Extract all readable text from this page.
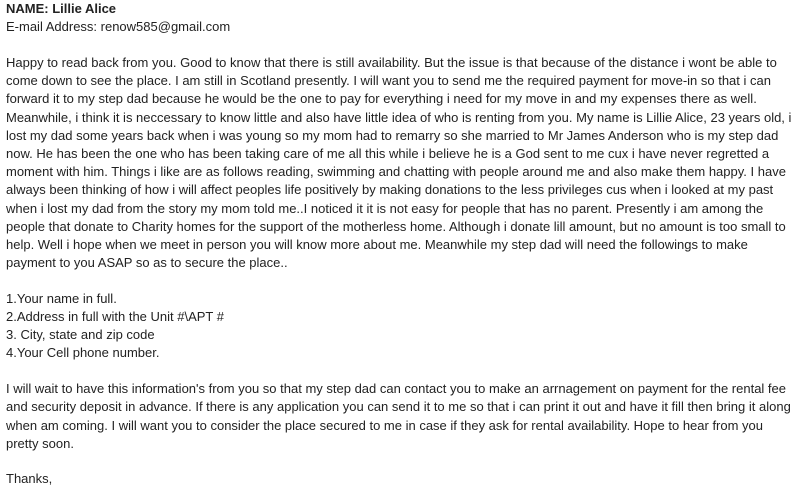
NAME: Lillie Alice
E-mail Address: renow585@gmail.com

Happy to read back from you. Good to know that there is still availability. But the issue is that because of the distance i wont be able to come down to see the place. I am still in Scotland presently. I will want you to send me the required payment for move-in so that i can forward it to my step dad because he would be the one to pay for everything i need for my move in and my expenses there as well. Meanwhile, i think it is neccessary to know little and also have little idea of who is renting from you. My name is Lillie Alice, 23 years old, i lost my dad some years back when i was young so my mom had to remarry so she married to Mr James Anderson who is my step dad now. He has been the one who has been taking care of me all this while i believe he is a God sent to me cux i have never regretted a moment with him. Things i like are as follows reading, swimming and chatting with people around me and also make them happy. I have always been thinking of how i will affect peoples life positively by making donations to the less privileges cus when i looked at my past when i lost my dad from the story my mom told me..I noticed it it is not easy for people that has no parent. Presently i am among the people that donate to Charity homes for the support of the motherless home. Although i donate lill amount, but no amount is too small to help. Well i hope when we meet in person you will know more about me. Meanwhile my step dad will need the followings to make payment to you ASAP so as to secure the place..

1.Your name in full.
2.Address in full with the Unit #\APT #
3. City, state and zip code
4.Your Cell phone number.

I will wait to have this information's from you so that my step dad can contact you to make an arrnagement on payment for the rental fee and security deposit in advance. If there is any application you can send it to me so that i can print it out and have it fill then bring it along when am coming. I will want you to consider the place secured to me in case if they ask for rental availability. Hope to hear from you pretty soon.

Thanks,
